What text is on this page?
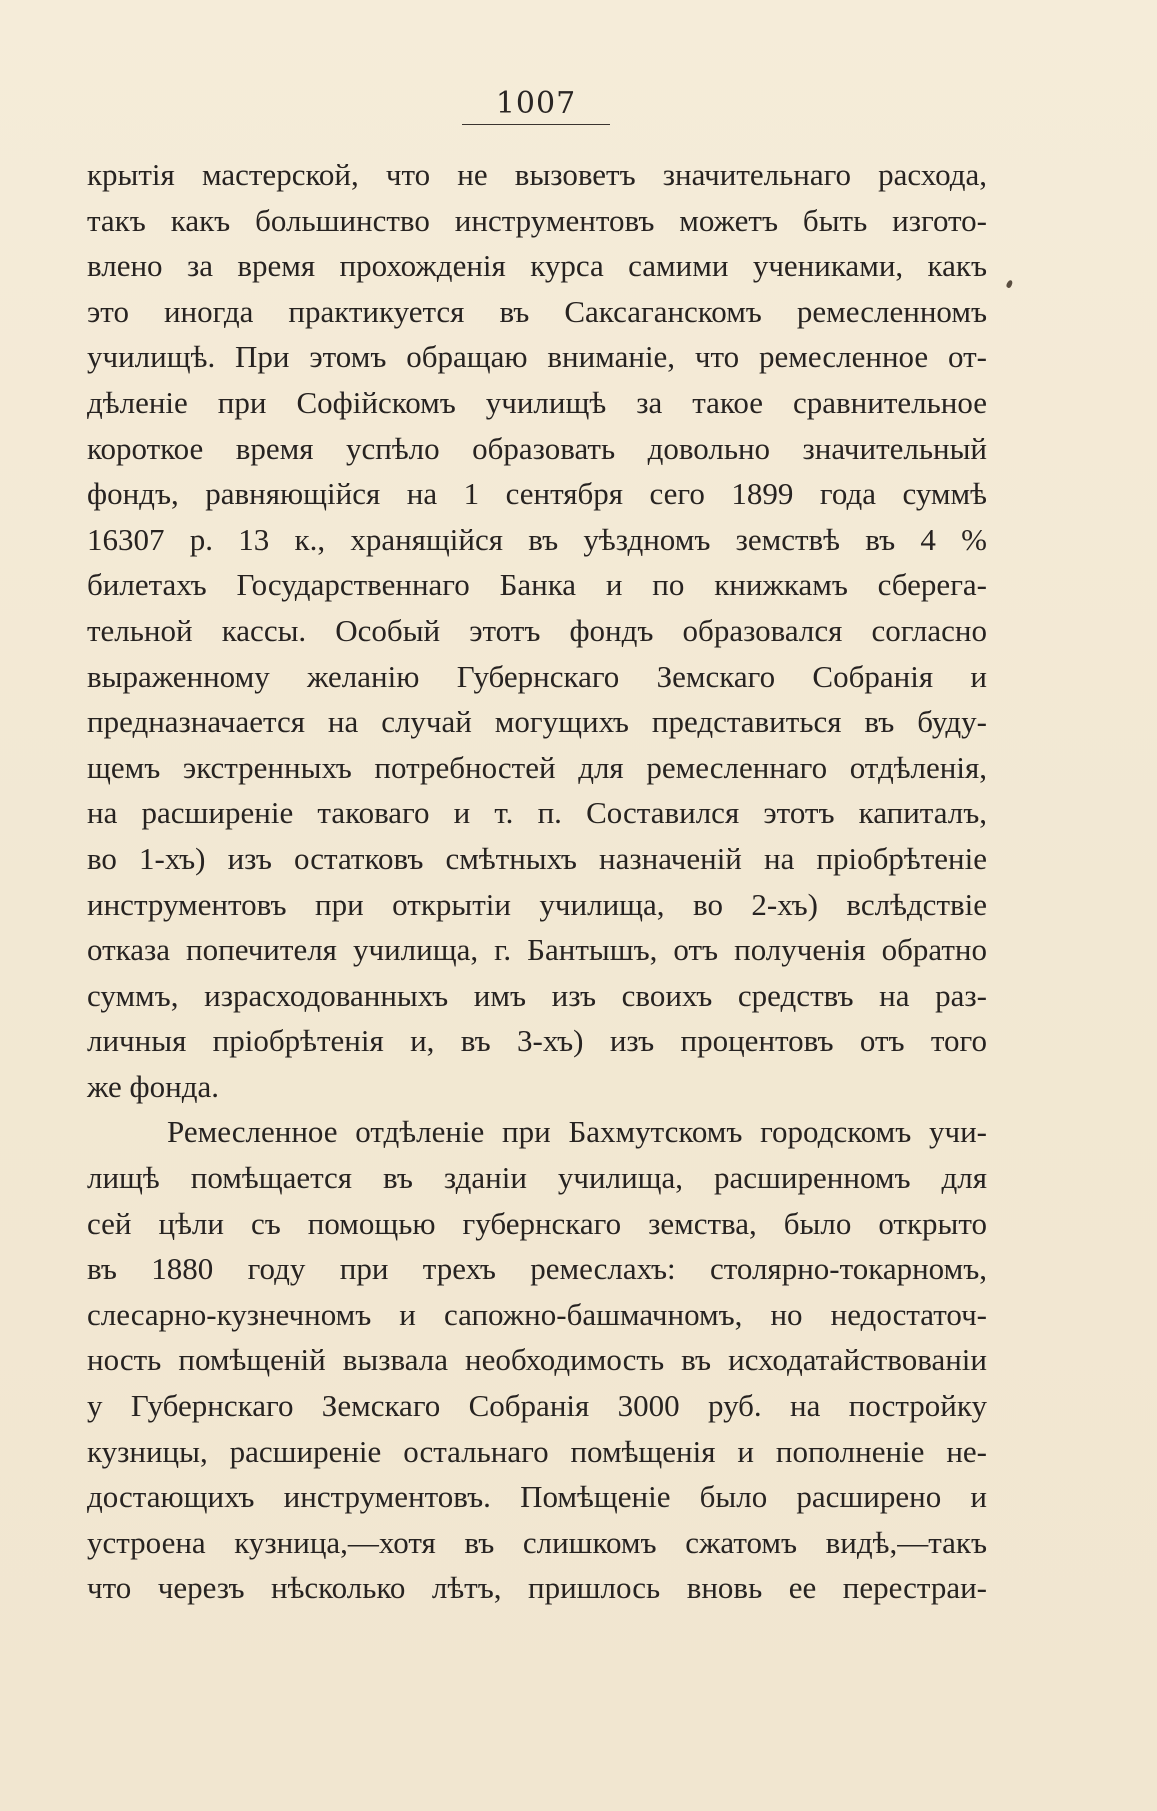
1007
крытія мастерской, что не вызоветъ значительнаго расхода,
такъ какъ большинство инструментовъ можетъ быть изгото-
влено за время прохожденія курса самими учениками, какъ
это иногда практикуется въ Саксаганскомъ ремесленномъ
училищѣ. При этомъ обращаю вниманіе, что ремесленное от-
дѣленіе при Софійскомъ училищѣ за такое сравнительное
короткое время успѣло образовать довольно значительный
фондъ, равняющійся на 1 сентября сего 1899 года суммѣ
16307 р. 13 к., хранящійся въ уѣздномъ земствѣ въ 4 %
билетахъ Государственнаго Банка и по книжкамъ сберега-
тельной кассы. Особый этотъ фондъ образовался согласно
выраженному желанію Губернскаго Земскаго Собранія и
предназначается на случай могущихъ представиться въ буду-
щемъ экстренныхъ потребностей для ремесленнаго отдѣленія,
на расширеніе таковаго и т. п. Составился этотъ капиталъ,
во 1-хъ) изъ остатковъ смѣтныхъ назначеній на пріобрѣтеніе
инструментовъ при открытіи училища, во 2-хъ) вслѣдствіе
отказа попечителя училища, г. Бантышъ, отъ полученія обратно
суммъ, израсходованныхъ имъ изъ своихъ средствъ на раз-
личныя пріобрѣтенія и, въ 3-хъ) изъ процентовъ отъ того
же фонда.
Ремесленное отдѣленіе при Бахмутскомъ городскомъ учи-
лищѣ помѣщается въ зданіи училища, расширенномъ для
сей цѣли съ помощью губернскаго земства, было открыто
въ 1880 году при трехъ ремеслахъ: столярно-токарномъ,
слесарно-кузнечномъ и сапожно-башмачномъ, но недостаточ-
ность помѣщеній вызвала необходимость въ исходатайствованіи
у Губернскаго Земскаго Собранія 3000 руб. на постройку
кузницы, расширеніе остальнаго помѣщенія и пополненіе не-
достающихъ инструментовъ. Помѣщеніе было расширено и
устроена кузница,—хотя въ слишкомъ сжатомъ видѣ,—такъ
что черезъ нѣсколько лѣтъ, пришлось вновь ее перестраи-
